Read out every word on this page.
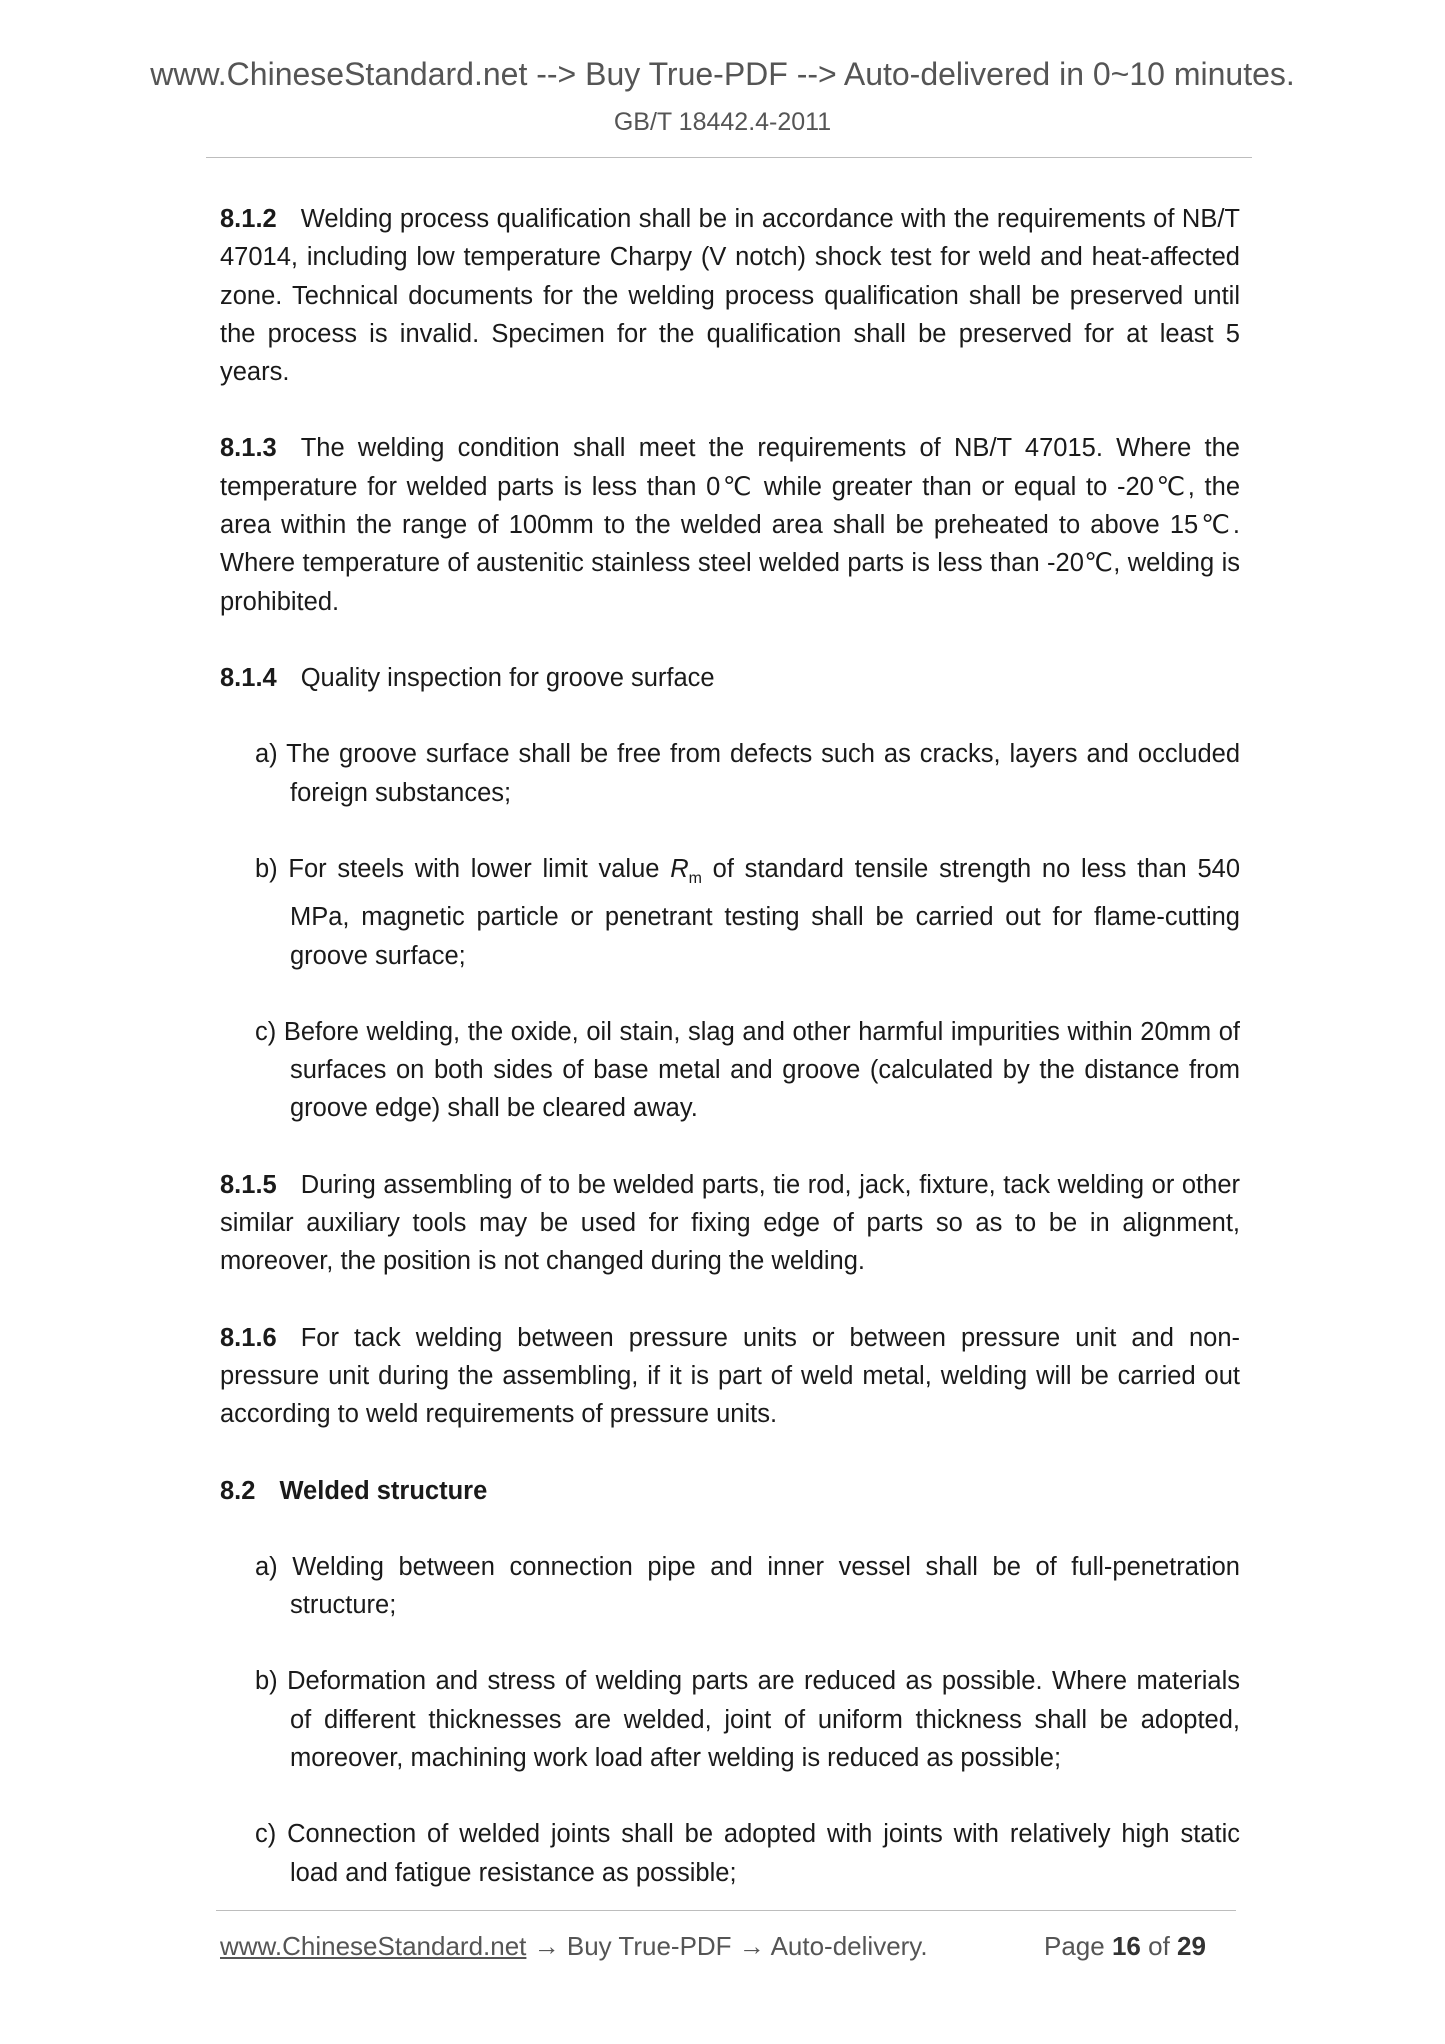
www.ChineseStandard.net --> Buy True-PDF --> Auto-delivered in 0~10 minutes.
GB/T 18442.4-2011

8.1.2 Welding process qualification shall be in accordance with the requirements of NB/T 47014, including low temperature Charpy (V notch) shock test for weld and heat-affected zone. Technical documents for the welding process qualification shall be preserved until the process is invalid. Specimen for the qualification shall be preserved for at least 5 years.

8.1.3 The welding condition shall meet the requirements of NB/T 47015. Where the temperature for welded parts is less than 0℃ while greater than or equal to -20℃, the area within the range of 100mm to the welded area shall be preheated to above 15℃. Where temperature of austenitic stainless steel welded parts is less than -20℃, welding is prohibited.

8.1.4 Quality inspection for groove surface

a) The groove surface shall be free from defects such as cracks, layers and occluded foreign substances;

b) For steels with lower limit value $R_m$ of standard tensile strength no less than 540 MPa, magnetic particle or penetrant testing shall be carried out for flame-cutting groove surface;

c) Before welding, the oxide, oil stain, slag and other harmful impurities within 20mm of surfaces on both sides of base metal and groove (calculated by the distance from groove edge) shall be cleared away.

8.1.5 During assembling of to be welded parts, tie rod, jack, fixture, tack welding or other similar auxiliary tools may be used for fixing edge of parts so as to be in alignment, moreover, the position is not changed during the welding.

8.1.6 For tack welding between pressure units or between pressure unit and non-pressure unit during the assembling, if it is part of weld metal, welding will be carried out according to weld requirements of pressure units.

8.2 Welded structure

a) Welding between connection pipe and inner vessel shall be of full-penetration structure;

b) Deformation and stress of welding parts are reduced as possible. Where materials of different thicknesses are welded, joint of uniform thickness shall be adopted, moreover, machining work load after welding is reduced as possible;

c) Connection of welded joints shall be adopted with joints with relatively high static load and fatigue resistance as possible;

www.ChineseStandard.net → Buy True-PDF → Auto-delivery.	Page 16 of 29
